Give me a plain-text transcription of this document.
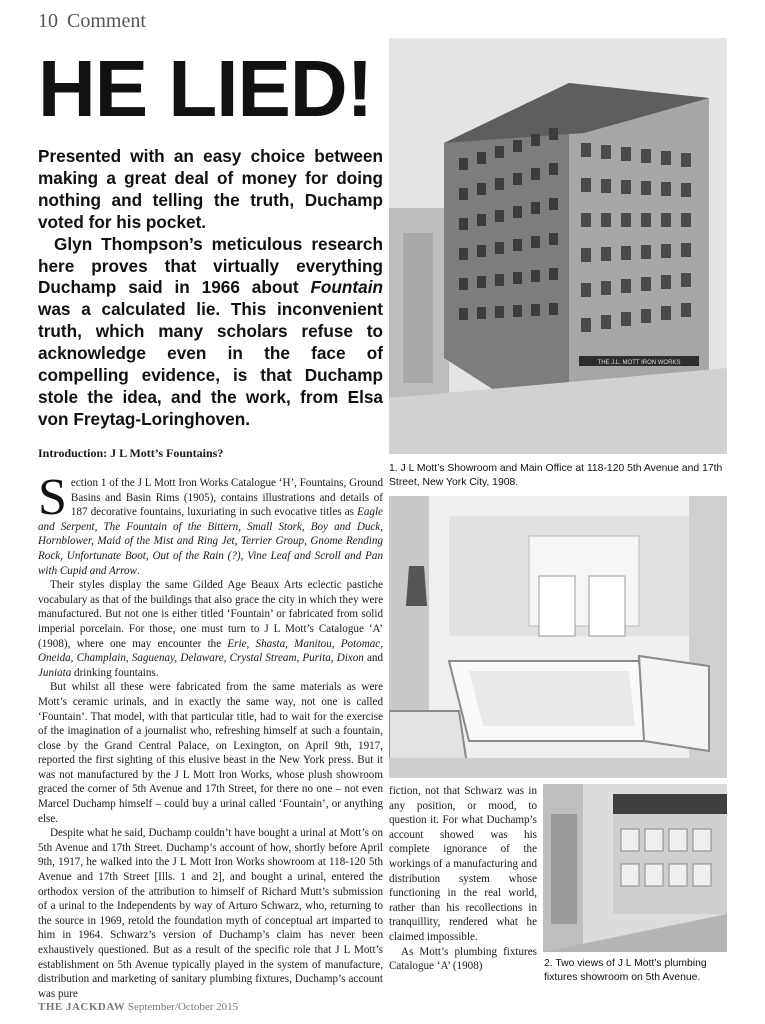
10 Comment
HE LIED!

Presented with an easy choice between making a great deal of money for doing nothing and telling the truth, Duchamp voted for his pocket.

Glyn Thompson’s meticulous research here proves that virtually everything Duchamp said in 1966 about Fountain was a calculated lie. This inconvenient truth, which many scholars refuse to acknowledge even in the face of compelling evidence, is that Duchamp stole the idea, and the work, from Elsa von Freytag-Loringhoven.

Introduction: J L Mott’s Fountains?

Section 1 of the J L Mott Iron Works Catalogue ‘H’, Fountains, Ground Basins and Basin Rims (1905), contains illustrations and details of 187 decorative fountains, luxuriating in such evocative titles as Eagle and Serpent, The Fountain of the Bittern, Small Stork, Boy and Duck, Hornblower, Maid of the Mist and Ring Jet, Terrier Group, Gnome Rending Rock, Unfortunate Boot, Out of the Rain (?), Vine Leaf and Scroll and Pan with Cupid and Arrow.

Their styles display the same Gilded Age Beaux Arts eclectic pastiche vocabulary as that of the buildings that also grace the city in which they were manufactured. But not one is either titled ‘Fountain’ or fabricated from solid imperial porcelain. For those, one must turn to J L Mott’s Catalogue ‘A’ (1908), where one may encounter the Erie, Shasta, Manitou, Potomac, Oneida, Champlain, Saguenay, Delaware, Crystal Stream, Purita, Dixon and Juniata drinking fountains.

But whilst all these were fabricated from the same materials as were Mott’s ceramic urinals, and in exactly the same way, not one is called ‘Fountain’. That model, with that particular title, had to wait for the exercise of the imagination of a journalist who, refreshing himself at such a fountain, close by the Grand Central Palace, on Lexington, on April 9th, 1917, reported the first sighting of this elusive beast in the New York press. But it was not manufactured by the J L Mott Iron Works, whose plush showroom graced the corner of 5th Avenue and 17th Street, for there no one – not even Marcel Duchamp himself – could buy a urinal called ‘Fountain’, or anything else.

Despite what he said, Duchamp couldn’t have bought a urinal at Mott’s on 5th Avenue and 17th Street. Duchamp’s account of how, shortly before April 9th, 1917, he walked into the J L Mott Iron Works showroom at 118-120 5th Avenue and 17th Street [Ills. 1 and 2], and bought a urinal, entered the orthodox version of the attribution to himself of Richard Mutt’s submission of a urinal to the Independents by way of Arturo Schwarz, who, returning to the source in 1969, retold the foundation myth of conceptual art imparted to him in 1964. Schwarz’s version of Duchamp’s claim has never been exhaustively questioned. But as a result of the specific role that J L Mott’s establishment on 5th Avenue typically played in the system of manufacture, distribution and marketing of sanitary plumbing fixtures, Duchamp’s account was pure

fiction, not that Schwarz was in any position, or mood, to question it. For what Duchamp’s account showed was his complete ignorance of the workings of a manufacturing and distribution system whose functioning in the real world, rather than his recollections in tranquillity, rendered what he claimed impossible.

As Mott’s plumbing fixtures Catalogue ‘A’ (1908)

THE J.L. MOTT IRON WORKS
1. J L Mott’s Showroom and Main Office at 118-120 5th Avenue and 17th Street, New York City, 1908.
2. Two views of J L Mott’s plumbing fixtures showroom on 5th Avenue.
THE JACKDAW September/October 2015
